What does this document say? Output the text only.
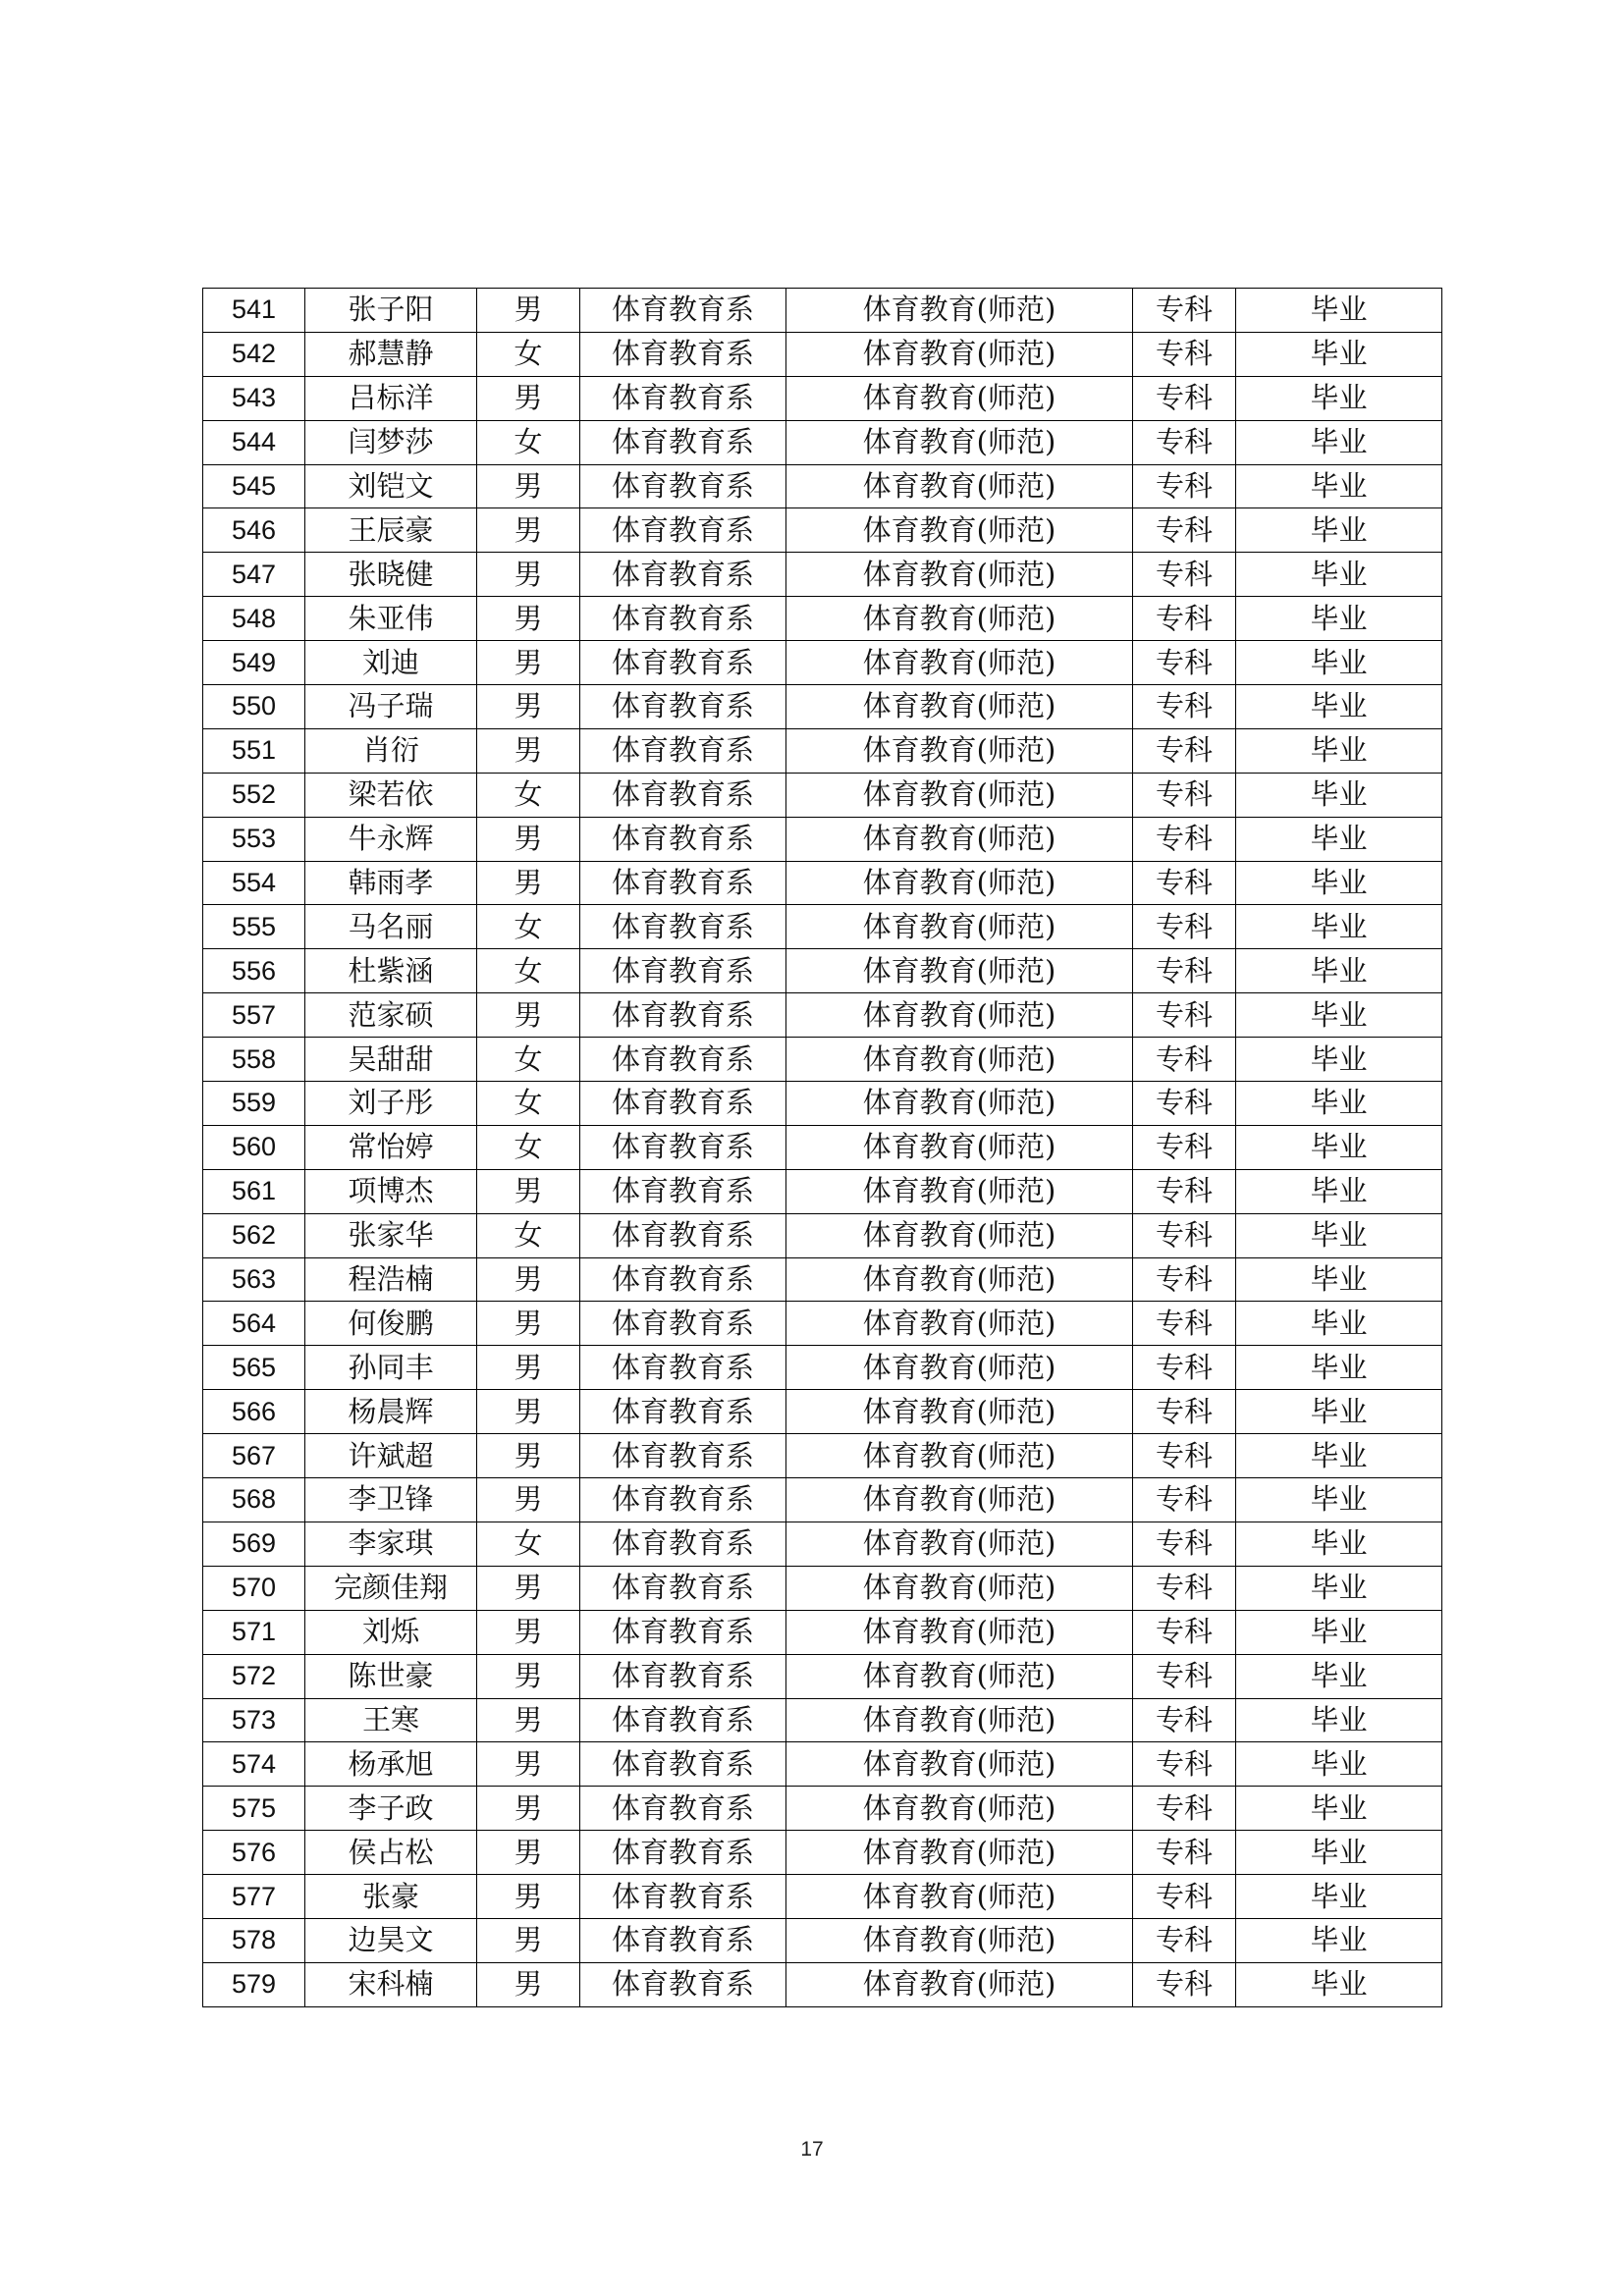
541	张子阳	男	体育教育系	体育教育(师范)	专科	毕业
542	郝慧静	女	体育教育系	体育教育(师范)	专科	毕业
543	吕标洋	男	体育教育系	体育教育(师范)	专科	毕业
544	闫梦莎	女	体育教育系	体育教育(师范)	专科	毕业
545	刘铠文	男	体育教育系	体育教育(师范)	专科	毕业
546	王辰豪	男	体育教育系	体育教育(师范)	专科	毕业
547	张晓健	男	体育教育系	体育教育(师范)	专科	毕业
548	朱亚伟	男	体育教育系	体育教育(师范)	专科	毕业
549	刘迪	男	体育教育系	体育教育(师范)	专科	毕业
550	冯子瑞	男	体育教育系	体育教育(师范)	专科	毕业
551	肖衍	男	体育教育系	体育教育(师范)	专科	毕业
552	梁若依	女	体育教育系	体育教育(师范)	专科	毕业
553	牛永辉	男	体育教育系	体育教育(师范)	专科	毕业
554	韩雨孝	男	体育教育系	体育教育(师范)	专科	毕业
555	马名丽	女	体育教育系	体育教育(师范)	专科	毕业
556	杜紫涵	女	体育教育系	体育教育(师范)	专科	毕业
557	范家硕	男	体育教育系	体育教育(师范)	专科	毕业
558	吴甜甜	女	体育教育系	体育教育(师范)	专科	毕业
559	刘子彤	女	体育教育系	体育教育(师范)	专科	毕业
560	常怡婷	女	体育教育系	体育教育(师范)	专科	毕业
561	项博杰	男	体育教育系	体育教育(师范)	专科	毕业
562	张家华	女	体育教育系	体育教育(师范)	专科	毕业
563	程浩楠	男	体育教育系	体育教育(师范)	专科	毕业
564	何俊鹏	男	体育教育系	体育教育(师范)	专科	毕业
565	孙同丰	男	体育教育系	体育教育(师范)	专科	毕业
566	杨晨辉	男	体育教育系	体育教育(师范)	专科	毕业
567	许斌超	男	体育教育系	体育教育(师范)	专科	毕业
568	李卫锋	男	体育教育系	体育教育(师范)	专科	毕业
569	李家琪	女	体育教育系	体育教育(师范)	专科	毕业
570	完颜佳翔	男	体育教育系	体育教育(师范)	专科	毕业
571	刘烁	男	体育教育系	体育教育(师范)	专科	毕业
572	陈世豪	男	体育教育系	体育教育(师范)	专科	毕业
573	王寒	男	体育教育系	体育教育(师范)	专科	毕业
574	杨承旭	男	体育教育系	体育教育(师范)	专科	毕业
575	李子政	男	体育教育系	体育教育(师范)	专科	毕业
576	侯占松	男	体育教育系	体育教育(师范)	专科	毕业
577	张豪	男	体育教育系	体育教育(师范)	专科	毕业
578	边昊文	男	体育教育系	体育教育(师范)	专科	毕业
579	宋科楠	男	体育教育系	体育教育(师范)	专科	毕业
17
